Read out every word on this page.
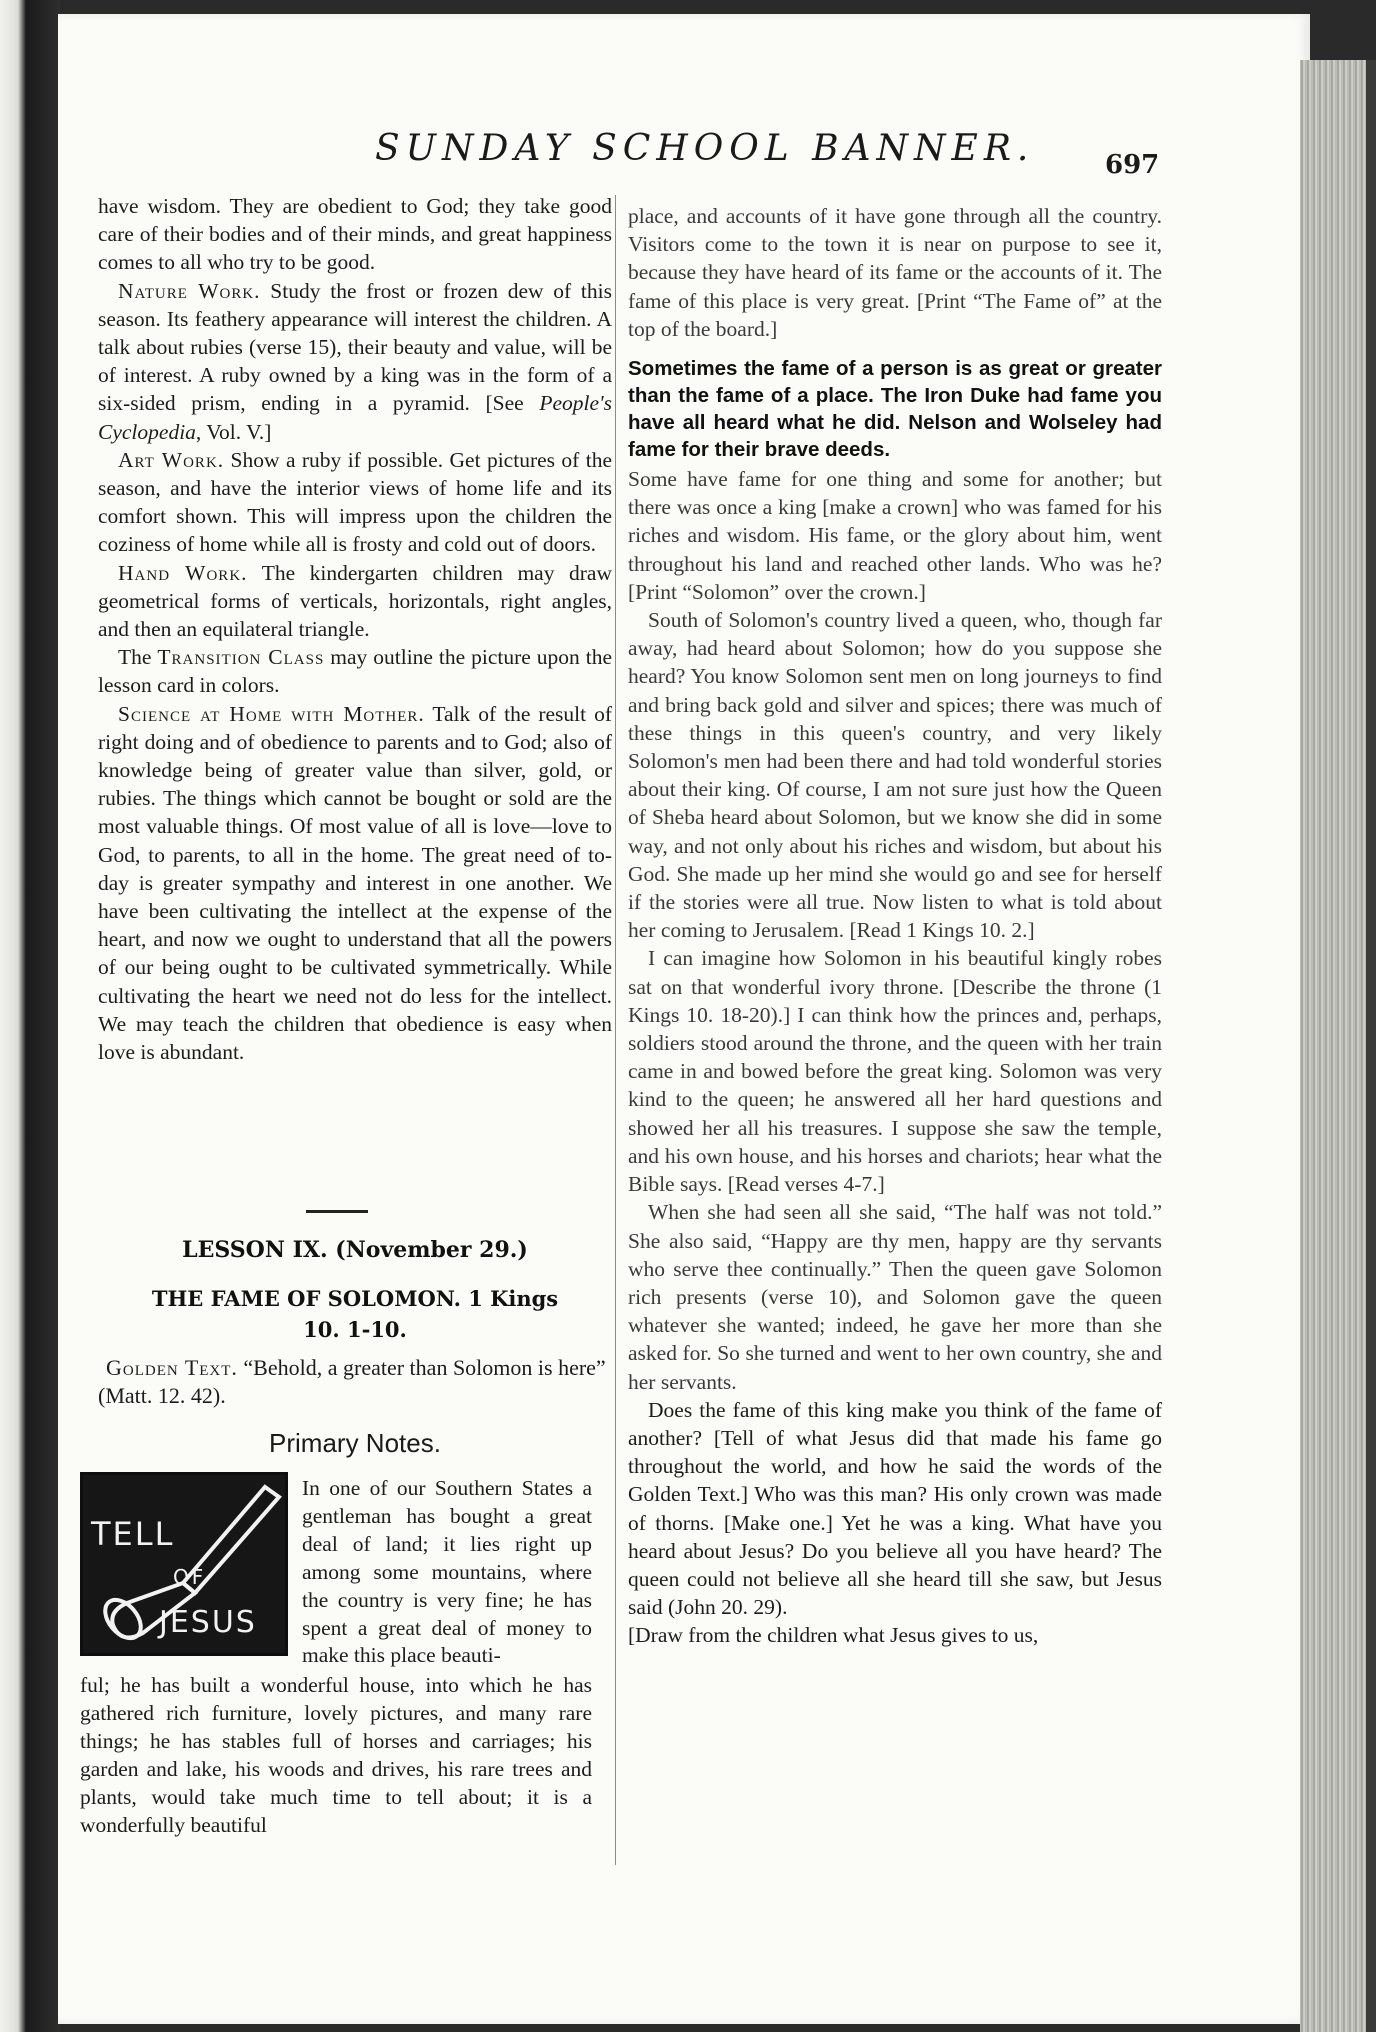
SUNDAY SCHOOL BANNER.	697

have wisdom. They are obedient to God; they take good care of their bodies and of their minds, and great happiness comes to all who try to be good.

Nature Work. Study the frost or frozen dew of this season. Its feathery appearance will interest the children. A talk about rubies (verse 15), their beauty and value, will be of interest. A ruby owned by a king was in the form of a six-sided prism, ending in a pyramid. [See People's Cyclopedia, Vol. V.]

Art Work. Show a ruby if possible. Get pictures of the season, and have the interior views of home life and its comfort shown. This will impress upon the children the coziness of home while all is frosty and cold out of doors.

Hand Work. The kindergarten children may draw geometrical forms of verticals, horizontals, right angles, and then an equilateral triangle.

The Transition Class may outline the picture upon the lesson card in colors.

Science at Home with Mother. Talk of the result of right doing and of obedience to parents and to God; also of knowledge being of greater value than silver, gold, or rubies. The things which cannot be bought or sold are the most valuable things. Of most value of all is love—love to God, to parents, to all in the home. The great need of to-day is greater sympathy and interest in one another. We have been cultivating the intellect at the expense of the heart, and now we ought to understand that all the powers of our being ought to be cultivated symmetrically. While cultivating the heart we need not do less for the intellect. We may teach the children that obedience is easy when love is abundant.

LESSON IX. (November 29.)
THE FAME OF SOLOMON. 1 Kings
10. 1-10.
Golden Text. “Behold, a greater than Solomon is here” (Matt. 12. 42).
Primary Notes.
TELL
OF
JESUS
In one of our Southern States a gentleman has bought a great deal of land; it lies right up among some mountains, where the country is very fine; he has spent a great deal of money to make this place beauti-
ful; he has built a wonderful house, into which he has gathered rich furniture, lovely pictures, and many rare things; he has stables full of horses and carriages; his garden and lake, his woods and drives, his rare trees and plants, would take much time to tell about; it is a wonderfully beautiful

place, and accounts of it have gone through all the country. Visitors come to the town it is near on purpose to see it, because they have heard of its fame or the accounts of it. The fame of this place is very great. [Print “The Fame of” at the top of the board.]

Sometimes the fame of a person is as great or greater than the fame of a place. The Iron Duke had fame you have all heard what he did. Nelson and Wolseley had fame for their brave deeds.

Some have fame for one thing and some for another; but there was once a king [make a crown] who was famed for his riches and wisdom. His fame, or the glory about him, went throughout his land and reached other lands. Who was he? [Print “Solomon” over the crown.]

South of Solomon's country lived a queen, who, though far away, had heard about Solomon; how do you suppose she heard? You know Solomon sent men on long journeys to find and bring back gold and silver and spices; there was much of these things in this queen's country, and very likely Solomon's men had been there and had told wonderful stories about their king. Of course, I am not sure just how the Queen of Sheba heard about Solomon, but we know she did in some way, and not only about his riches and wisdom, but about his God. She made up her mind she would go and see for herself if the stories were all true. Now listen to what is told about her coming to Jerusalem. [Read 1 Kings 10. 2.]

I can imagine how Solomon in his beautiful kingly robes sat on that wonderful ivory throne. [Describe the throne (1 Kings 10. 18-20).] I can think how the princes and, perhaps, soldiers stood around the throne, and the queen with her train came in and bowed before the great king. Solomon was very kind to the queen; he answered all her hard questions and showed her all his treasures. I suppose she saw the temple, and his own house, and his horses and chariots; hear what the Bible says. [Read verses 4-7.]

When she had seen all she said, “The half was not told.” She also said, “Happy are thy men, happy are thy servants who serve thee continually.” Then the queen gave Solomon rich presents (verse 10), and Solomon gave the queen whatever she wanted; indeed, he gave her more than she asked for. So she turned and went to her own country, she and her servants.

Does the fame of this king make you think of the fame of another? [Tell of what Jesus did that made his fame go throughout the world, and how he said the words of the Golden Text.] Who was this man? His only crown was made of thorns. [Make one.] Yet he was a king. What have you heard about Jesus? Do you believe all you have heard? The queen could not believe all she heard till she saw, but Jesus said (John 20. 29).

[Draw from the children what Jesus gives to us,
